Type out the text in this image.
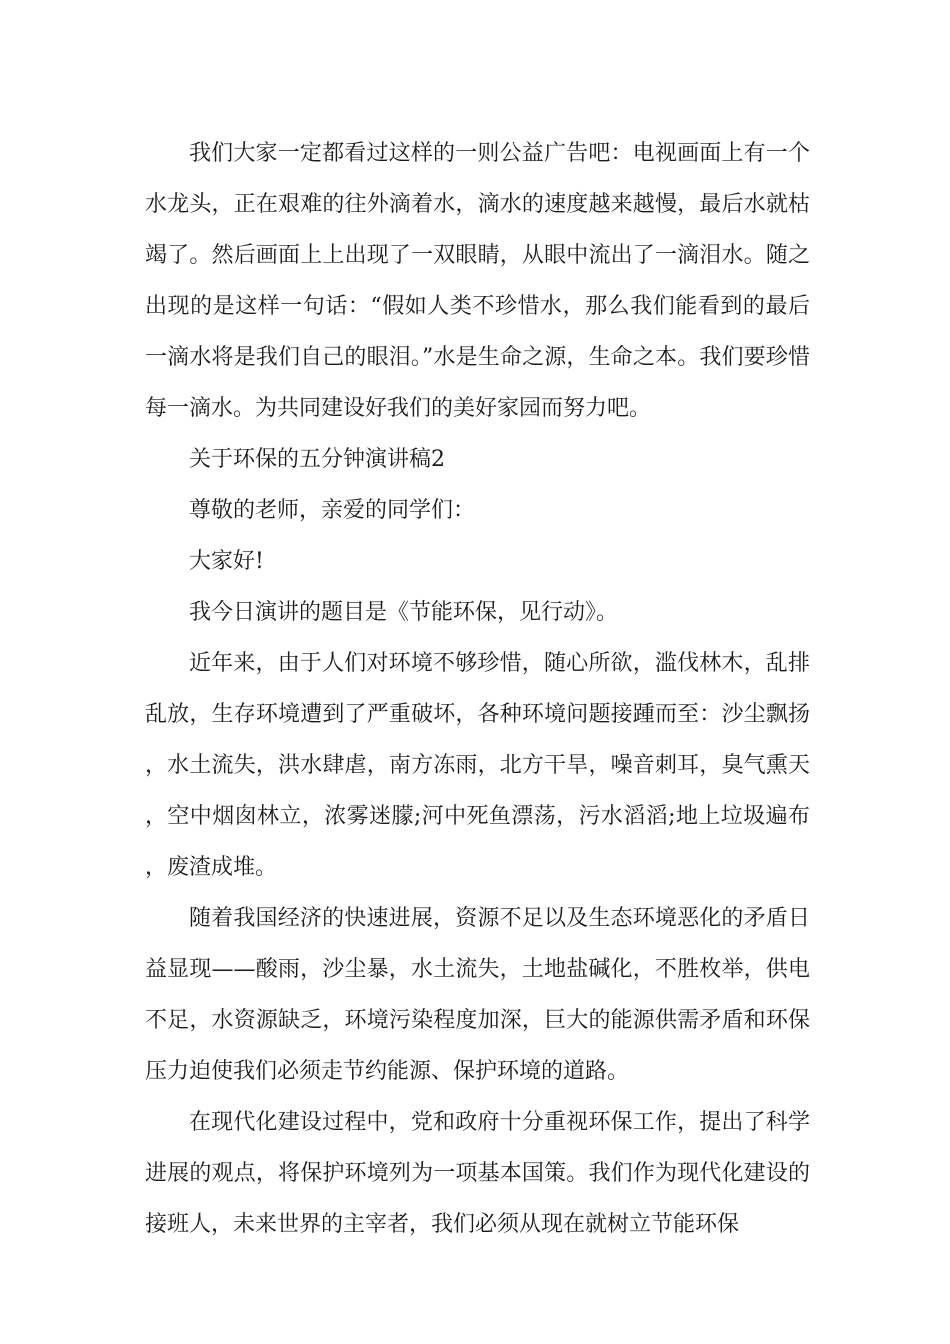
我们大家一定都看过这样的一则公益广告吧：电视画面上有一个水龙头，正在艰难的往外滴着水，滴水的速度越来越慢，最后水就枯竭了。然后画面上上出现了一双眼睛，从眼中流出了一滴泪水。随之出现的是这样一句话：“假如人类不珍惜水，那么我们能看到的最后一滴水将是我们自己的眼泪。”水是生命之源，生命之本。我们要珍惜每一滴水。为共同建设好我们的美好家园而努力吧。

关于环保的五分钟演讲稿2

尊敬的老师，亲爱的同学们：

大家好!

我今日演讲的题目是《节能环保，见行动》。

近年来，由于人们对环境不够珍惜，随心所欲，滥伐林木，乱排乱放，生存环境遭到了严重破坏，各种环境问题接踵而至：沙尘飘扬，水土流失，洪水肆虐，南方冻雨，北方干旱，噪音刺耳，臭气熏天，空中烟囱林立，浓雾迷朦;河中死鱼漂荡，污水滔滔;地上垃圾遍布，废渣成堆。

随着我国经济的快速进展，资源不足以及生态环境恶化的矛盾日益显现——酸雨，沙尘暴，水土流失，土地盐碱化，不胜枚举，供电不足，水资源缺乏，环境污染程度加深，巨大的能源供需矛盾和环保压力迫使我们必须走节约能源、保护环境的道路。

在现代化建设过程中，党和政府十分重视环保工作，提出了科学进展的观点，将保护环境列为一项基本国策。我们作为现代化建设的接班人，未来世界的主宰者，我们必须从现在就树立节能环保
